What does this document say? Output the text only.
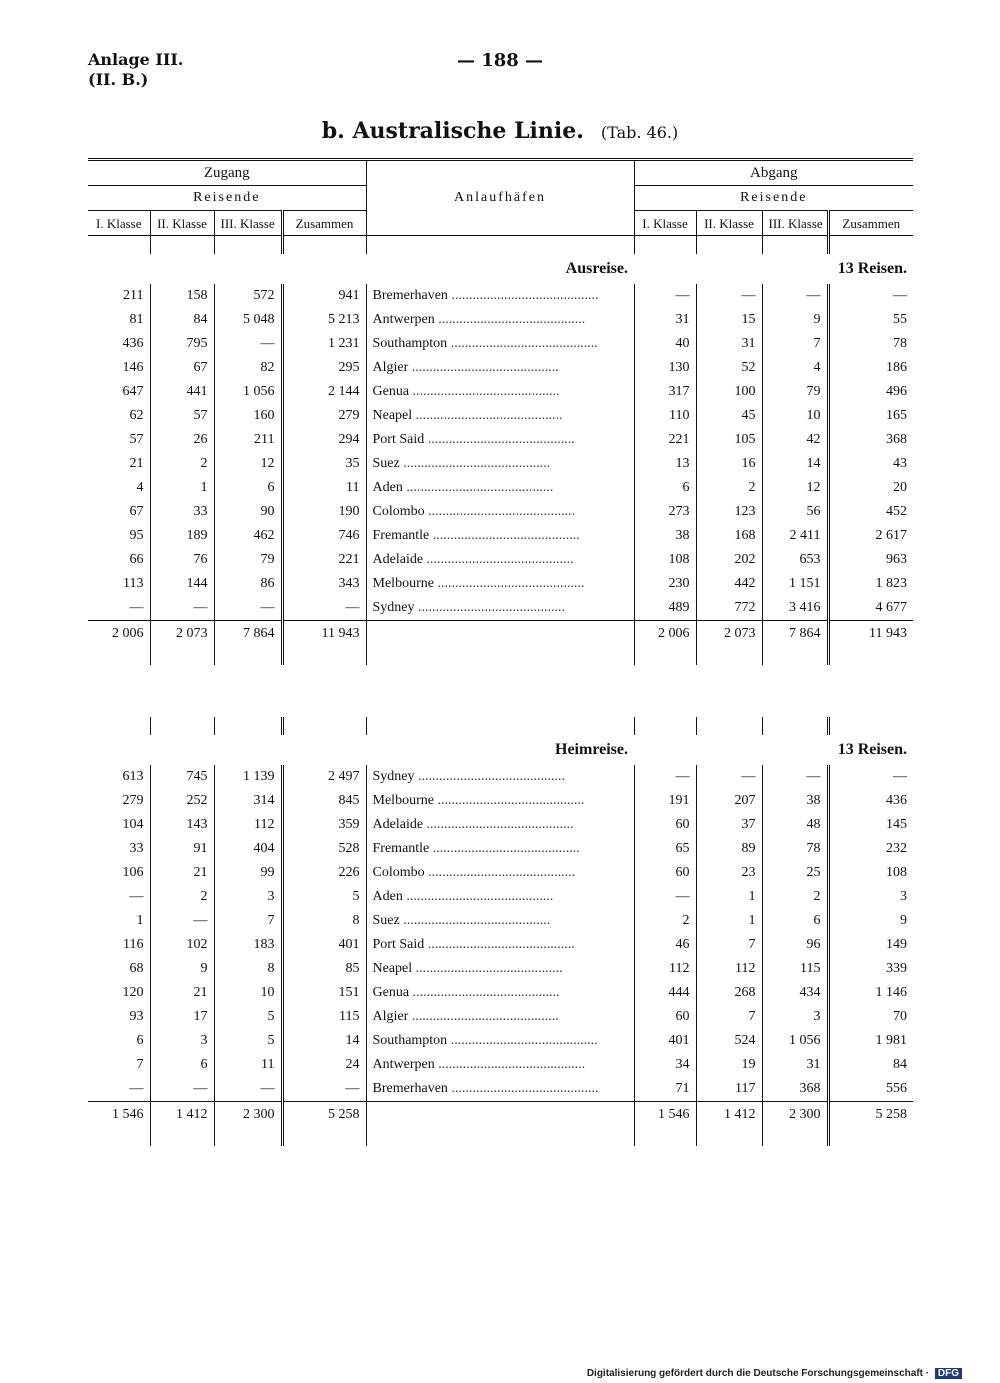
Anlage III.
(II. B.)
— 188 —
b. Australische Linie. (Tab. 46.)
Zugang				Anlaufhäfen	Abgang			
Reisende					Reisende			
I. Klasse	II. Klasse	III. Klasse	Zusammen		I. Klasse	II. Klasse	III. Klasse	Zusammen

				Ausreise.			13 Reisen.	
211	158	572	941	Bremerhaven ..........................................	—	—	—	—
81	84	5 048	5 213	Antwerpen ..........................................	31	15	9	55
436	795	—	1 231	Southampton ..........................................	40	31	7	78
146	67	82	295	Algier ..........................................	130	52	4	186
647	441	1 056	2 144	Genua ..........................................	317	100	79	496
62	57	160	279	Neapel ..........................................	110	45	10	165
57	26	211	294	Port Said ..........................................	221	105	42	368
21	2	12	35	Suez ..........................................	13	16	14	43
4	1	6	11	Aden ..........................................	6	2	12	20
67	33	90	190	Colombo ..........................................	273	123	56	452
95	189	462	746	Fremantle ..........................................	38	168	2 411	2 617
66	76	79	221	Adelaide ..........................................	108	202	653	963
113	144	86	343	Melbourne ..........................................	230	442	1 151	1 823
—	—	—	—	Sydney ..........................................	489	772	3 416	4 677
2 006	2 073	7 864	11 943		2 006	2 073	7 864	11 943

				Heimreise.			13 Reisen.	
613	745	1 139	2 497	Sydney ..........................................	—	—	—	—
279	252	314	845	Melbourne ..........................................	191	207	38	436
104	143	112	359	Adelaide ..........................................	60	37	48	145
33	91	404	528	Fremantle ..........................................	65	89	78	232
106	21	99	226	Colombo ..........................................	60	23	25	108
—	2	3	5	Aden ..........................................	—	1	2	3
1	—	7	8	Suez ..........................................	2	1	6	9
116	102	183	401	Port Said ..........................................	46	7	96	149
68	9	8	85	Neapel ..........................................	112	112	115	339
120	21	10	151	Genua ..........................................	444	268	434	1 146
93	17	5	115	Algier ..........................................	60	7	3	70
6	3	5	14	Southampton ..........................................	401	524	1 056	1 981
7	6	11	24	Antwerpen ..........................................	34	19	31	84
—	—	—	—	Bremerhaven ..........................................	71	117	368	556
1 546	1 412	2 300	5 258		1 546	1 412	2 300	5 258

Digitalisierung gefördert durch die Deutsche Forschungsgemeinschaft · DFG
